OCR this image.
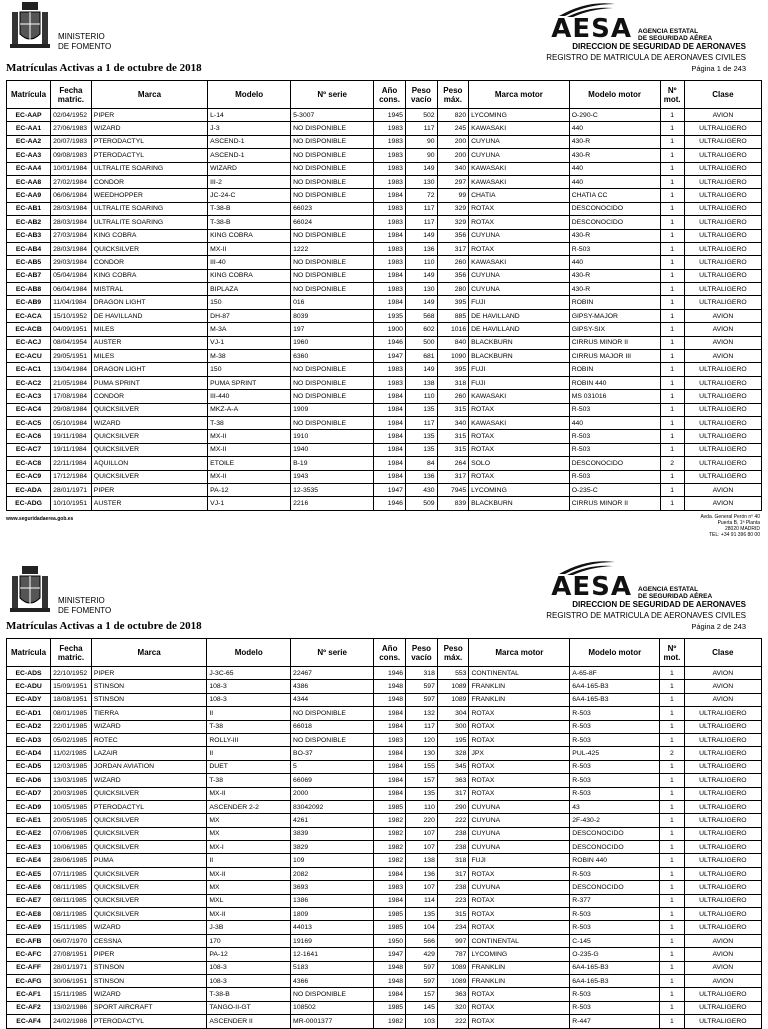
MINISTERIO
DE FOMENTO
AESA AGENCIA ESTATAL
DE SEGURIDAD AÉREA
DIRECCION DE SEGURIDAD DE AERONAVES
REGISTRO DE MATRICULA DE AERONAVES CIVILES
Página 1 de 243
Matrículas Activas a 1 de octubre de 2018
Matrícula	Fecha matric.	Marca	Modelo	Nº serie	Año cons.	Peso vacío	Peso máx.	Marca motor	Modelo motor	Nº mot.	Clase
EC-AAP	02/04/1952	PIPER	L-14	5-3007	1945	502	820	LYCOMING	O-290-C	1	AVION
EC-AA1	27/06/1983	WIZARD	J-3	NO DISPONIBLE	1983	117	245	KAWASAKI	440	1	ULTRALIGERO
EC-AA2	20/07/1983	PTERODACTYL	ASCEND-1	NO DISPONIBLE	1983	90	200	CUYUNA	430-R	1	ULTRALIGERO
EC-AA3	09/08/1983	PTERODACTYL	ASCEND-1	NO DISPONIBLE	1983	90	200	CUYUNA	430-R	1	ULTRALIGERO
EC-AA4	10/01/1984	ULTRALITE SOARING	WIZARD	NO DISPONIBLE	1983	149	340	KAWASAKI	440	1	ULTRALIGERO
EC-AA8	27/02/1984	CONDOR	III-2	NO DISPONIBLE	1983	130	297	KAWASAKI	440	1	ULTRALIGERO
EC-AA9	06/06/1984	WEEDHOPPER	JC-24-C	NO DISPONIBLE	1984	72	99	CHATIA	CHATIA CC	1	ULTRALIGERO
EC-AB1	28/03/1984	ULTRALITE SOARING	T-38-B	66023	1983	117	329	ROTAX	DESCONOCIDO	1	ULTRALIGERO
EC-AB2	28/03/1984	ULTRALITE SOARING	T-38-B	66024	1983	117	329	ROTAX	DESCONOCIDO	1	ULTRALIGERO
EC-AB3	27/03/1984	KING COBRA	KING COBRA	NO DISPONIBLE	1984	149	356	CUYUNA	430-R	1	ULTRALIGERO
EC-AB4	28/03/1984	QUICKSILVER	MX-II	1222	1983	136	317	ROTAX	R-503	1	ULTRALIGERO
EC-AB5	29/03/1984	CONDOR	III-40	NO DISPONIBLE	1983	110	260	KAWASAKI	440	1	ULTRALIGERO
EC-AB7	05/04/1984	KING COBRA	KING COBRA	NO DISPONIBLE	1984	149	356	CUYUNA	430-R	1	ULTRALIGERO
EC-AB8	06/04/1984	MISTRAL	BIPLAZA	NO DISPONIBLE	1983	130	280	CUYUNA	430-R	1	ULTRALIGERO
EC-AB9	11/04/1984	DRAGON LIGHT	150	016	1984	149	395	FUJI	ROBIN	1	ULTRALIGERO
EC-ACA	15/10/1952	DE HAVILLAND	DH-87	8039	1935	568	885	DE HAVILLAND	GIPSY-MAJOR	1	AVION
EC-ACB	04/09/1951	MILES	M-3A	197	1900	602	1016	DE HAVILLAND	GIPSY-SIX	1	AVION
EC-ACJ	08/04/1954	AUSTER	VJ-1	1960	1946	500	840	BLACKBURN	CIRRUS MINOR II	1	AVION
EC-ACU	29/05/1951	MILES	M-38	6360	1947	681	1090	BLACKBURN	CIRRUS MAJOR III	1	AVION
EC-AC1	13/04/1984	DRAGON LIGHT	150	NO DISPONIBLE	1983	149	395	FUJI	ROBIN	1	ULTRALIGERO
EC-AC2	21/05/1984	PUMA SPRINT	PUMA SPRINT	NO DISPONIBLE	1983	138	318	FUJI	ROBIN 440	1	ULTRALIGERO
EC-AC3	17/08/1984	CONDOR	III-440	NO DISPONIBLE	1984	110	260	KAWASAKI	MS 031016	1	ULTRALIGERO
EC-AC4	29/08/1984	QUICKSILVER	MKZ-A-A	1909	1984	135	315	ROTAX	R-503	1	ULTRALIGERO
EC-AC5	05/10/1984	WIZARD	T-38	NO DISPONIBLE	1984	117	340	KAWASAKI	440	1	ULTRALIGERO
EC-AC6	19/11/1984	QUICKSILVER	MX-II	1910	1984	135	315	ROTAX	R-503	1	ULTRALIGERO
EC-AC7	19/11/1984	QUICKSILVER	MX-II	1940	1984	135	315	ROTAX	R-503	1	ULTRALIGERO
EC-AC8	22/11/1984	AQUILLON	ETOILE	B-19	1984	84	264	SOLO	DESCONOCIDO	2	ULTRALIGERO
EC-AC9	17/12/1984	QUICKSILVER	MX-II	1943	1984	136	317	ROTAX	R-503	1	ULTRALIGERO
EC-ADA	28/01/1971	PIPER	PA-12	12-3535	1947	430	7945	LYCOMING	O-235-C	1	AVION
EC-ADG	10/10/1951	AUSTER	VJ-1	2216	1946	509	839	BLACKBURN	CIRRUS MINOR II	1	AVION
www.seguridadaerea.gob.es	Avda. General Perón nº 40
Puerta B, 1ª Planta
28020 MADRID
TEL: +34 91 396 80 00
MINISTERIO
DE FOMENTO
AESA AGENCIA ESTATAL
DE SEGURIDAD AÉREA
DIRECCION DE SEGURIDAD DE AERONAVES
REGISTRO DE MATRICULA DE AERONAVES CIVILES
Página 2 de 243
Matrículas Activas a 1 de octubre de 2018
Matrícula	Fecha matric.	Marca	Modelo	Nº serie	Año cons.	Peso vacío	Peso máx.	Marca motor	Modelo motor	Nº mot.	Clase
EC-ADS	22/10/1952	PIPER	J-3C-65	22467	1946	318	553	CONTINENTAL	A-65-8F	1	AVION
EC-ADU	15/09/1951	STINSON	108-3	4386	1948	597	1089	FRANKLIN	6A4-165-B3	1	AVION
EC-ADY	18/08/1951	STINSON	108-3	4344	1948	597	1089	FRANKLIN	6A4-165-B3	1	AVION
EC-AD1	08/01/1985	TIERRA	II	NO DISPONIBLE	1984	132	304	ROTAX	R-503	1	ULTRALIGERO
EC-AD2	22/01/1985	WIZARD	T-38	66018	1984	117	300	ROTAX	R-503	1	ULTRALIGERO
EC-AD3	05/02/1985	ROTEC	ROLLY-III	NO DISPONIBLE	1983	120	195	ROTAX	R-503	1	ULTRALIGERO
EC-AD4	11/02/1985	LAZAIR	II	BO-37	1984	130	328	JPX	PUL-425	2	ULTRALIGERO
EC-AD5	12/03/1985	JORDAN AVIATION	DUET	5	1984	155	345	ROTAX	R-503	1	ULTRALIGERO
EC-AD6	13/03/1985	WIZARD	T-38	66069	1984	157	363	ROTAX	R-503	1	ULTRALIGERO
EC-AD7	20/03/1985	QUICKSILVER	MX-II	2000	1984	135	317	ROTAX	R-503	1	ULTRALIGERO
EC-AD9	10/05/1985	PTERODACTYL	ASCENDER 2-2	83042092	1985	110	290	CUYUNA	43	1	ULTRALIGERO
EC-AE1	20/05/1985	QUICKSILVER	MX	4261	1982	220	222	CUYUNA	2F-430-2	1	ULTRALIGERO
EC-AE2	07/06/1985	QUICKSILVER	MX	3839	1982	107	238	CUYUNA	DESCONOCIDO	1	ULTRALIGERO
EC-AE3	10/06/1985	QUICKSILVER	MX-I	3829	1982	107	238	CUYUNA	DESCONOCIDO	1	ULTRALIGERO
EC-AE4	28/06/1985	PUMA	II	109	1982	138	318	FUJI	ROBIN 440	1	ULTRALIGERO
EC-AE5	07/11/1985	QUICKSILVER	MX-II	2082	1984	136	317	ROTAX	R-503	1	ULTRALIGERO
EC-AE6	08/11/1985	QUICKSILVER	MX	3693	1983	107	238	CUYUNA	DESCONOCIDO	1	ULTRALIGERO
EC-AE7	08/11/1985	QUICKSILVER	MXL	1386	1984	114	223	ROTAX	R-377	1	ULTRALIGERO
EC-AE8	08/11/1985	QUICKSILVER	MX-II	1809	1985	135	315	ROTAX	R-503	1	ULTRALIGERO
EC-AE9	15/11/1985	WIZARD	J-3B	44013	1985	104	234	ROTAX	R-503	1	ULTRALIGERO
EC-AFB	06/07/1970	CESSNA	170	19169	1950	566	997	CONTINENTAL	C-145	1	AVION
EC-AFC	27/08/1951	PIPER	PA-12	12-1641	1947	429	787	LYCOMING	O-235-G	1	AVION
EC-AFF	28/01/1971	STINSON	108-3	5183	1948	597	1089	FRANKLIN	6A4-165-B3	1	AVION
EC-AFG	30/06/1951	STINSON	108-3	4366	1948	597	1089	FRANKLIN	6A4-165-B3	1	AVION
EC-AF1	15/11/1985	WIZARD	T-38-B	NO DISPONIBLE	1984	157	363	ROTAX	R-503	1	ULTRALIGERO
EC-AF2	13/02/1986	SPORT AIRCRAFT	TANGO-II-GT	108502	1985	145	320	ROTAX	R-503	1	ULTRALIGERO
EC-AF4	24/02/1986	PTERODACTYL	ASCENDER II	MR-0001377	1982	103	222	ROTAX	R-447	1	ULTRALIGERO
